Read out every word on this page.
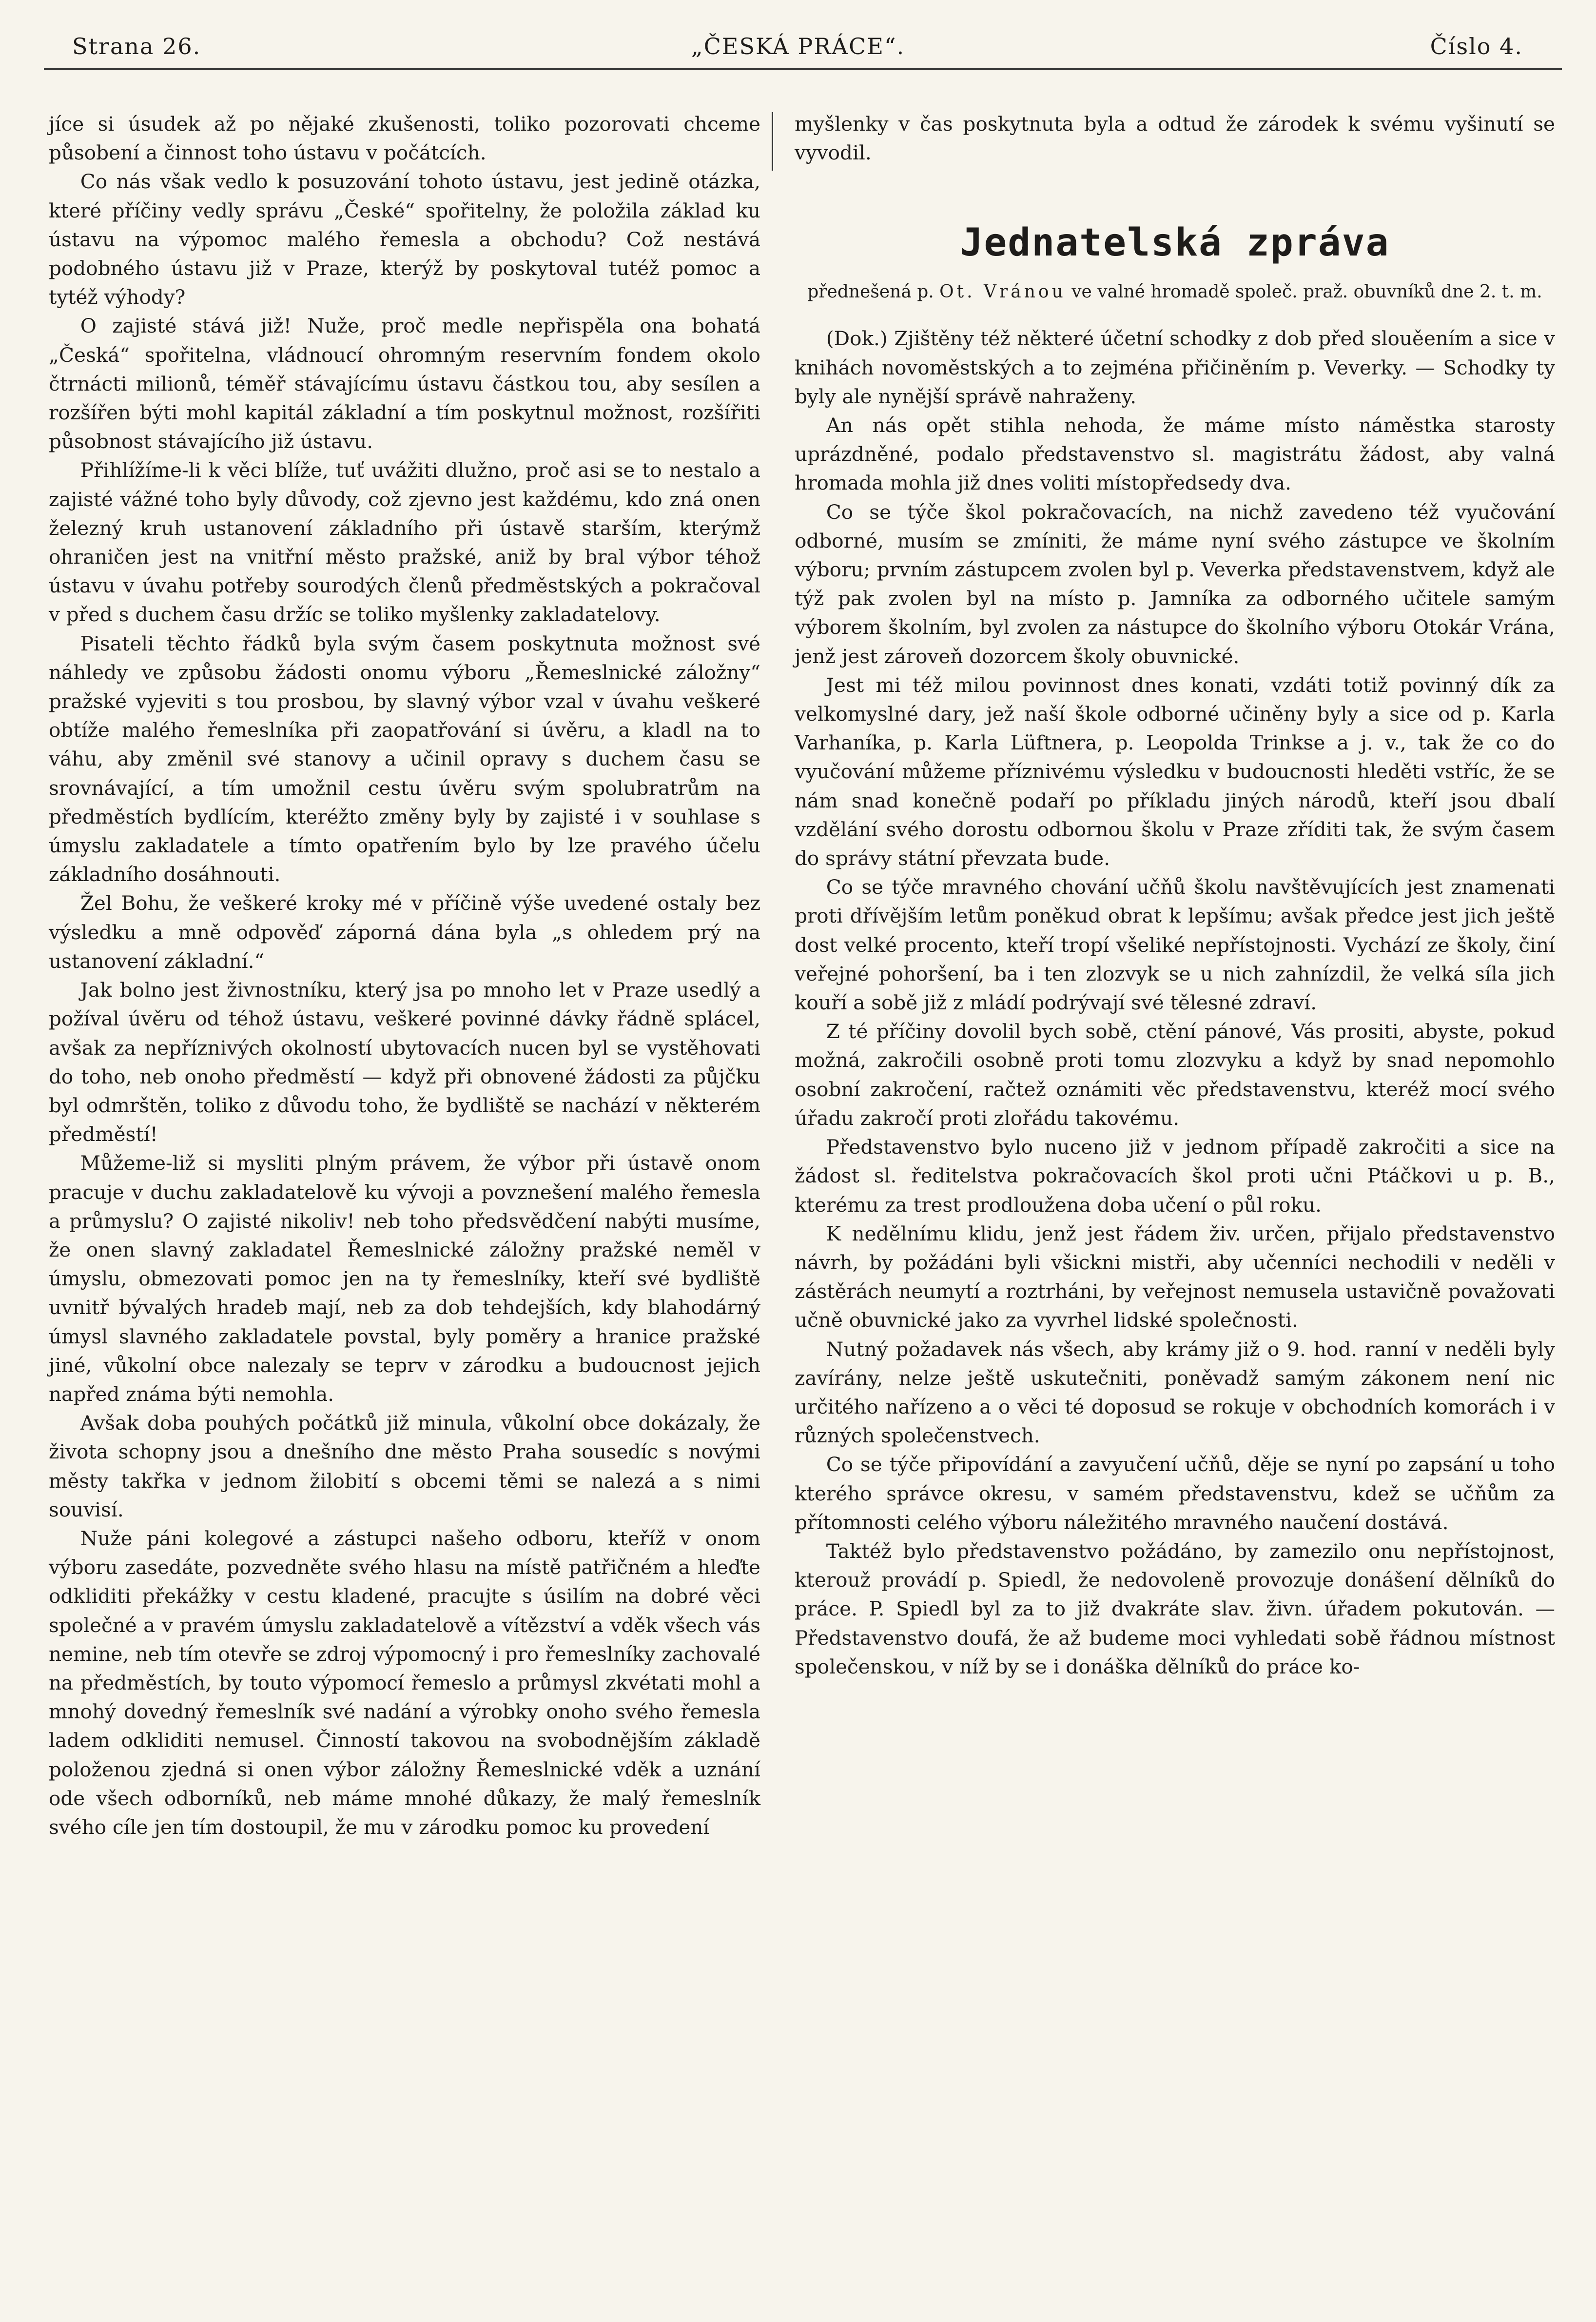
Strana 26.	„ČESKÁ PRÁCE“.	Číslo 4.

jíce si úsudek až po nějaké zkušenosti, toliko pozorovati chceme působení a činnost toho ústavu v počátcích.

Co nás však vedlo k posuzování tohoto ústavu, jest jedině otázka, které příčiny vedly správu „České“ spořitelny, že položila základ ku ústavu na výpomoc malého řemesla a obchodu? Což nestává podobného ústavu již v Praze, kterýž by poskytoval tutéž pomoc a tytéž výhody?

O zajisté stává již! Nuže, proč medle nepřispěla ona bohatá „Česká“ spořitelna, vládnoucí ohromným reservním fondem okolo čtrnácti milionů, téměř stávajícímu ústavu částkou tou, aby sesílen a rozšířen býti mohl kapitál základní a tím poskytnul možnost, rozšířiti působnost stávajícího již ústavu.

Přihlížíme-li k věci blíže, tuť uvážiti dlužno, proč asi se to nestalo a zajisté vážné toho byly důvody, což zjevno jest každému, kdo zná onen železný kruh ustanovení základního při ústavě starším, kterýmž ohraničen jest na vnitřní město pražské, aniž by bral výbor téhož ústavu v úvahu potřeby sourodých členů předměstských a pokračoval v před s duchem času držíc se toliko myšlenky zakladatelovy.

Pisateli těchto řádků byla svým časem poskytnuta možnost své náhledy ve způsobu žádosti onomu výboru „Řemeslnické záložny“ pražské vyjeviti s tou prosbou, by slavný výbor vzal v úvahu veškeré obtíže malého řemeslníka při zaopatřování si úvěru, a kladl na to váhu, aby změnil své stanovy a učinil opravy s duchem času se srovnávající, a tím umožnil cestu úvěru svým spolubratrům na předměstích bydlícím, kteréžto změny byly by zajisté i v souhlase s úmyslu zakladatele a tímto opatřením bylo by lze pravého účelu základního dosáhnouti.

Žel Bohu, že veškeré kroky mé v příčině výše uvedené ostaly bez výsledku a mně odpověď záporná dána byla „s ohledem prý na ustanovení základní.“

Jak bolno jest živnostníku, který jsa po mnoho let v Praze usedlý a požíval úvěru od téhož ústavu, veškeré povinné dávky řádně splácel, avšak za nepříznivých okolností ubytovacích nucen byl se vystěhovati do toho, neb onoho předměstí — když při obnovené žádosti za půjčku byl odmrštěn, toliko z důvodu toho, že bydliště se nachází v některém předměstí!

Můžeme-liž si mysliti plným právem, že výbor při ústavě onom pracuje v duchu zakladatelově ku vývoji a povznešení malého řemesla a průmyslu? O zajisté nikoliv! neb toho předsvědčení nabýti musíme, že onen slavný zakladatel Řemeslnické záložny pražské neměl v úmyslu, obmezovati pomoc jen na ty řemeslníky, kteří své bydliště uvnitř bývalých hradeb mají, neb za dob tehdejších, kdy blahodárný úmysl slavného zakladatele povstal, byly poměry a hranice pražské jiné, vůkolní obce nalezaly se teprv v zárodku a budoucnost jejich napřed známa býti nemohla.

Avšak doba pouhých počátků již minula, vůkolní obce dokázaly, že života schopny jsou a dnešního dne město Praha sousedíc s novými městy takřka v jednom žilobití s obcemi těmi se nalezá a s nimi souvisí.

Nuže páni kolegové a zástupci našeho odboru, kteříž v onom výboru zasedáte, pozvedněte svého hlasu na místě patřičném a hleďte odkliditi překážky v cestu kladené, pracujte s úsilím na dobré věci společné a v pravém úmyslu zakladatelově a vítězství a vděk všech vás nemine, neb tím otevře se zdroj výpomocný i pro řemeslníky zachovalé na předměstích, by touto výpomocí řemeslo a průmysl zkvétati mohl a mnohý dovedný řemeslník své nadání a výrobky onoho svého řemesla ladem odkliditi nemusel. Činností takovou na svobodnějším základě položenou zjedná si onen výbor záložny Řemeslnické vděk a uznání ode všech odborníků, neb máme mnohé důkazy, že malý řemeslník svého cíle jen tím dostoupil, že mu v zárodku pomoc ku provedení

myšlenky v čas poskytnuta byla a odtud že zárodek k svému vyšinutí se vyvodil.

Jednatelská zpráva
přednešená p. Ot. Vránou ve valné hromadě společ. praž. obuvníků dne 2. t. m.

(Dok.) Zjištěny též některé účetní schodky z dob před slouěením a sice v knihách novoměstských a to zejména přičiněním p. Veverky. — Schodky ty byly ale nynější správě nahraženy.

An nás opět stihla nehoda, že máme místo náměstka starosty uprázdněné, podalo představenstvo sl. magistrátu žádost, aby valná hromada mohla již dnes voliti místopředsedy dva.

Co se týče škol pokračovacích, na nichž zavedeno též vyučování odborné, musím se zmíniti, že máme nyní svého zástupce ve školním výboru; prvním zástupcem zvolen byl p. Veverka představenstvem, když ale týž pak zvolen byl na místo p. Jamníka za odborného učitele samým výborem školním, byl zvolen za nástupce do školního výboru Otokár Vrána, jenž jest zároveň dozorcem školy obuvnické.

Jest mi též milou povinnost dnes konati, vzdáti totiž povinný dík za velkomyslné dary, jež naší škole odborné učiněny byly a sice od p. Karla Varhaníka, p. Karla Lüftnera, p. Leopolda Trinkse a j. v., tak že co do vyučování můžeme příznivému výsledku v budoucnosti hleděti vstříc, že se nám snad konečně podaří po příkladu jiných národů, kteří jsou dbalí vzdělání svého dorostu odbornou školu v Praze zříditi tak, že svým časem do správy státní převzata bude.

Co se týče mravného chování učňů školu navštěvujících jest znamenati proti dřívějším letům poněkud obrat k lepšímu; avšak předce jest jich ještě dost velké procento, kteří tropí všeliké nepřístojnosti. Vychází ze školy, činí veřejné pohoršení, ba i ten zlozvyk se u nich zahnízdil, že velká síla jich kouří a sobě již z mládí podrývají své tělesné zdraví.

Z té příčiny dovolil bych sobě, ctění pánové, Vás prositi, abyste, pokud možná, zakročili osobně proti tomu zlozvyku a když by snad nepomohlo osobní zakročení, račtež oznámiti věc představenstvu, kteréž mocí svého úřadu zakročí proti zlořádu takovému.

Představenstvo bylo nuceno již v jednom případě zakročiti a sice na žádost sl. ředitelstva pokračovacích škol proti učni Ptáčkovi u p. B., kterému za trest prodloužena doba učení o půl roku.

K nedělnímu klidu, jenž jest řádem živ. určen, přijalo představenstvo návrh, by požádáni byli všickni mistři, aby učenníci nechodili v neděli v zástěrách neumytí a roztrháni, by veřejnost nemusela ustavičně považovati učně obuvnické jako za vyvrhel lidské společnosti.

Nutný požadavek nás všech, aby krámy již o 9. hod. ranní v neděli byly zavírány, nelze ještě uskutečniti, poněvadž samým zákonem není nic určitého nařízeno a o věci té doposud se rokuje v obchodních komorách i v různých společenstvech.

Co se týče připovídání a zavyučení učňů, děje se nyní po zapsání u toho kterého správce okresu, v samém představenstvu, kdež se učňům za přítomnosti celého výboru náležitého mravného naučení dostává.

Taktéž bylo představenstvo požádáno, by zamezilo onu nepřístojnost, kterouž provádí p. Spiedl, že nedovoleně provozuje donášení dělníků do práce. P. Spiedl byl za to již dvakráte slav. živn. úřadem pokutován. — Představenstvo doufá, že až budeme moci vyhledati sobě řádnou místnost společenskou, v níž by se i donáška dělníků do práce ko-
